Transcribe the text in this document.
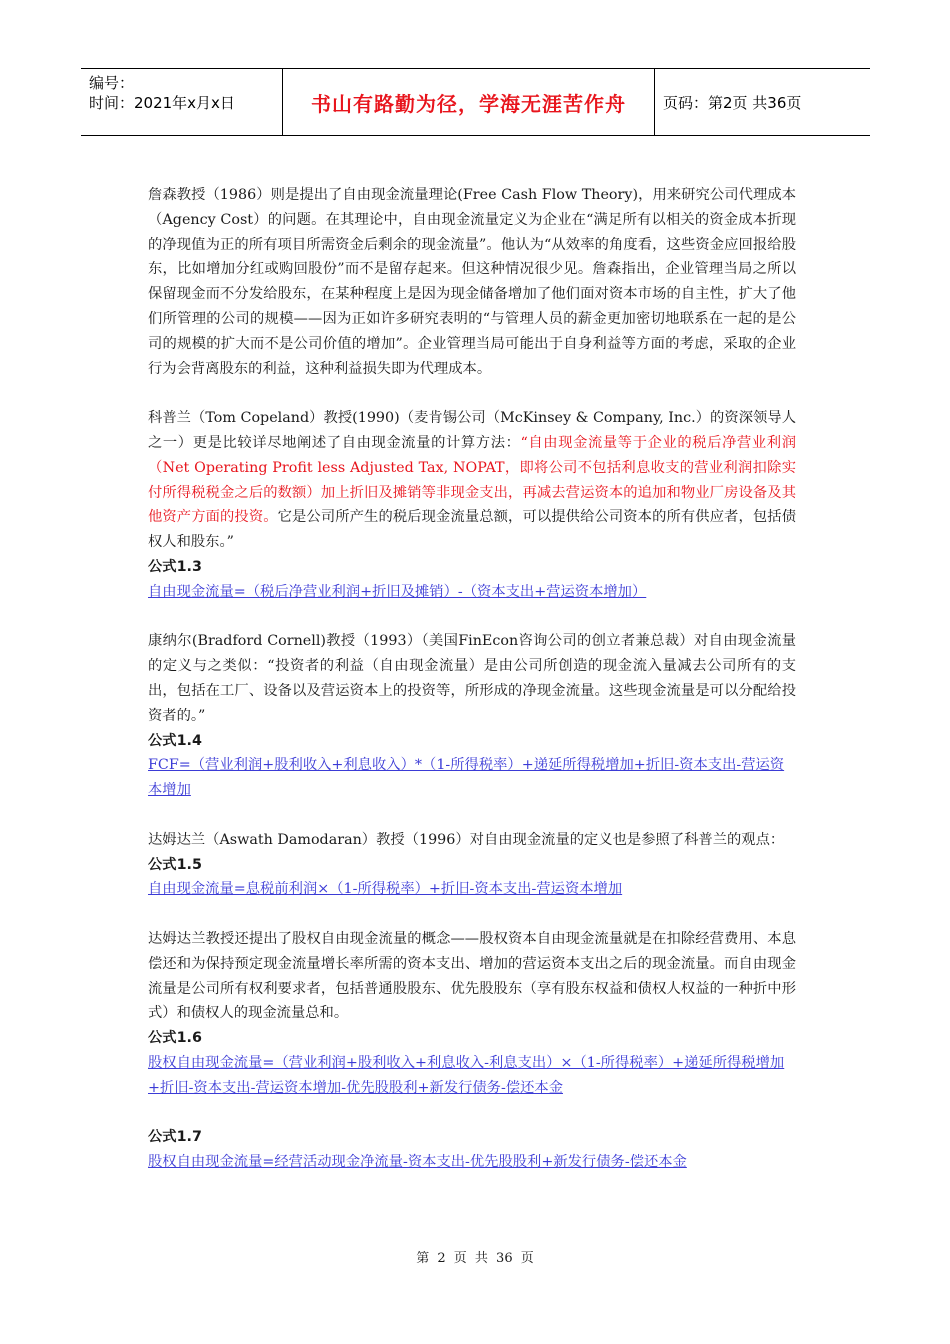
编号：
时间：2021年x月x日	书山有路勤为径，学海无涯苦作舟	页码：第2页 共36页

詹森教授（1986）则是提出了自由现金流量理论(Free Cash Flow Theory)，用来研究公司代理成本（Agency Cost）的问题。在其理论中，自由现金流量定义为企业在“满足所有以相关的资金成本折现的净现值为正的所有项目所需资金后剩余的现金流量”。他认为“从效率的角度看，这些资金应回报给股东，比如增加分红或购回股份”而不是留存起来。但这种情况很少见。詹森指出，企业管理当局之所以保留现金而不分发给股东，在某种程度上是因为现金储备增加了他们面对资本市场的自主性，扩大了他们所管理的公司的规模——因为正如许多研究表明的“与管理人员的薪金更加密切地联系在一起的是公司的规模的扩大而不是公司价值的增加”。企业管理当局可能出于自身利益等方面的考虑，采取的企业行为会背离股东的利益，这种利益损失即为代理成本。

科普兰（Tom Copeland）教授(1990)（麦肯锡公司（McKinsey & Company, Inc.）的资深领导人之一）更是比较详尽地阐述了自由现金流量的计算方法：“自由现金流量等于企业的税后净营业利润（Net Operating Profit less Adjusted Tax, NOPAT，即将公司不包括利息收支的营业利润扣除实付所得税税金之后的数额）加上折旧及摊销等非现金支出，再减去营运资本的追加和物业厂房设备及其他资产方面的投资。它是公司所产生的税后现金流量总额，可以提供给公司资本的所有供应者，包括债权人和股东。”

公式1.3

自由现金流量=（税后净营业利润+折旧及摊销）-（资本支出+营运资本增加）

康纳尔(Bradford Cornell)教授（1993）（美国FinEcon咨询公司的创立者兼总裁）对自由现金流量的定义与之类似：“投资者的利益（自由现金流量）是由公司所创造的现金流入量减去公司所有的支出，包括在工厂、设备以及营运资本上的投资等，所形成的净现金流量。这些现金流量是可以分配给投资者的。”

公式1.4

FCF=（营业利润+股利收入+利息收入）*（1-所得税率）+递延所得税增加+折旧-资本支出-营运资本增加

达姆达兰（Aswath Damodaran）教授（1996）对自由现金流量的定义也是参照了科普兰的观点：

公式1.5

自由现金流量=息税前利润×（1-所得税率）+折旧-资本支出-营运资本增加

达姆达兰教授还提出了股权自由现金流量的概念——股权资本自由现金流量就是在扣除经营费用、本息偿还和为保持预定现金流量增长率所需的资本支出、增加的营运资本支出之后的现金流量。而自由现金流量是公司所有权利要求者，包括普通股股东、优先股股东（享有股东权益和债权人权益的一种折中形式）和债权人的现金流量总和。

公式1.6

股权自由现金流量=（营业利润+股利收入+利息收入-利息支出）×（1-所得税率）+递延所得税增加+折旧-资本支出-营运资本增加-优先股股利+新发行债务-偿还本金

公式1.7

股权自由现金流量=经营活动现金净流量-资本支出-优先股股利+新发行债务-偿还本金

第 2 页 共 36 页
